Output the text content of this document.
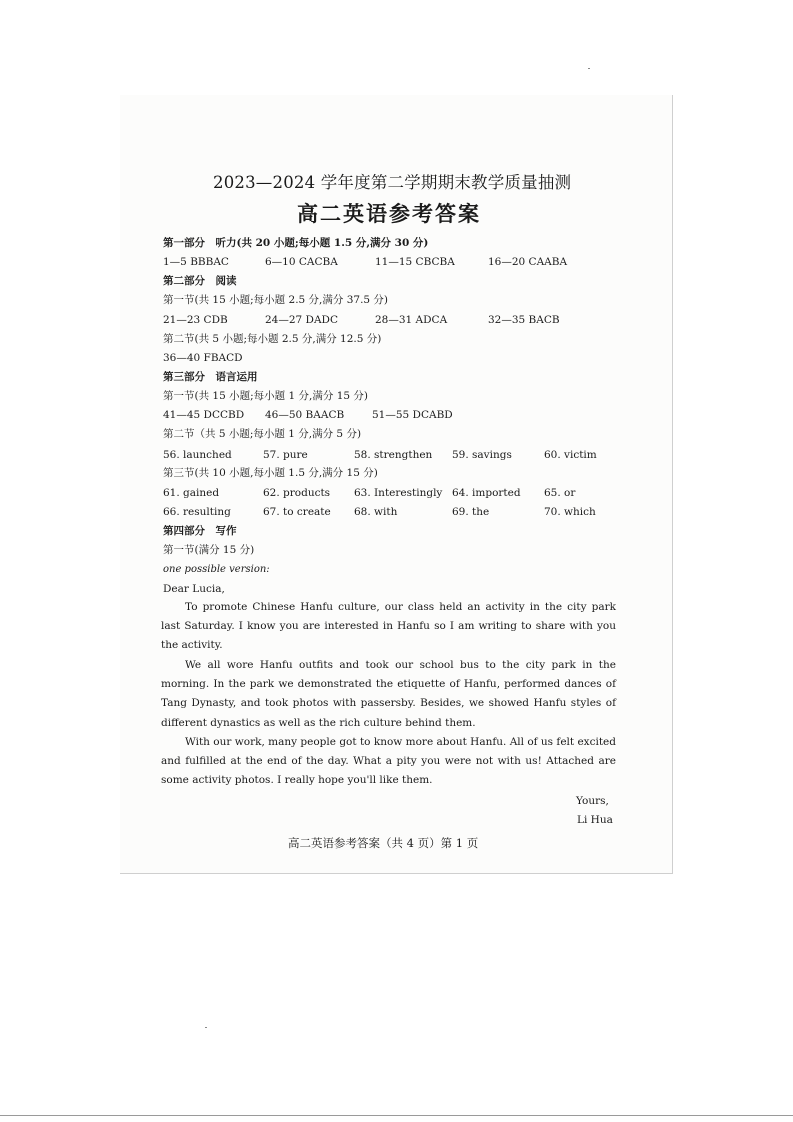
2023—2024 学年度第二学期期末教学质量抽测
高二英语参考答案
第一部分　听力(共 20 小题;每小题 1.5 分,满分 30 分)
1—5 BBBAC	6—10 CACBA	11—15 CBCBA	16—20 CAABA
第二部分　阅读
第一节(共 15 小题;每小题 2.5 分,满分 37.5 分)
21—23 CDB	24—27 DADC	28—31 ADCA	32—35 BACB
第二节(共 5 小题;每小题 2.5 分,满分 12.5 分)
36—40 FBACD
第三部分　语言运用
第一节(共 15 小题;每小题 1 分,满分 15 分)
41—45 DCCBD 46—50 BAACB	51—55 DCABD
第二节（共 5 小题;每小题 1 分,满分 5 分)
56. launched	57. pure	58. strengthen 59. savings	60. victim
第三节(共 10 小题,每小题 1.5 分,满分 15 分)
61. gained	62. products 63. Interestingly 64. imported 65. or
66. resulting	67. to create 68. with	69. the	70. which
第四部分　写作
第一节(满分 15 分)
one possible version:
Dear Lucia,
To promote Chinese Hanfu culture, our class held an activity in the city park last Saturday. I know you are interested in Hanfu so I am writing to share with you the activity.
We all wore Hanfu outfits and took our school bus to the city park in the morning. In the park we demonstrated the etiquette of Hanfu, performed dances of Tang Dynasty, and took photos with passersby. Besides, we showed Hanfu styles of different dynastics as well as the rich culture behind them.
With our work, many people got to know more about Hanfu. All of us felt excited and fulfilled at the end of the day. What a pity you were not with us! Attached are some activity photos. I really hope you'll like them.
Yours,
Li Hua
高二英语参考答案（共 4 页）第 1 页
